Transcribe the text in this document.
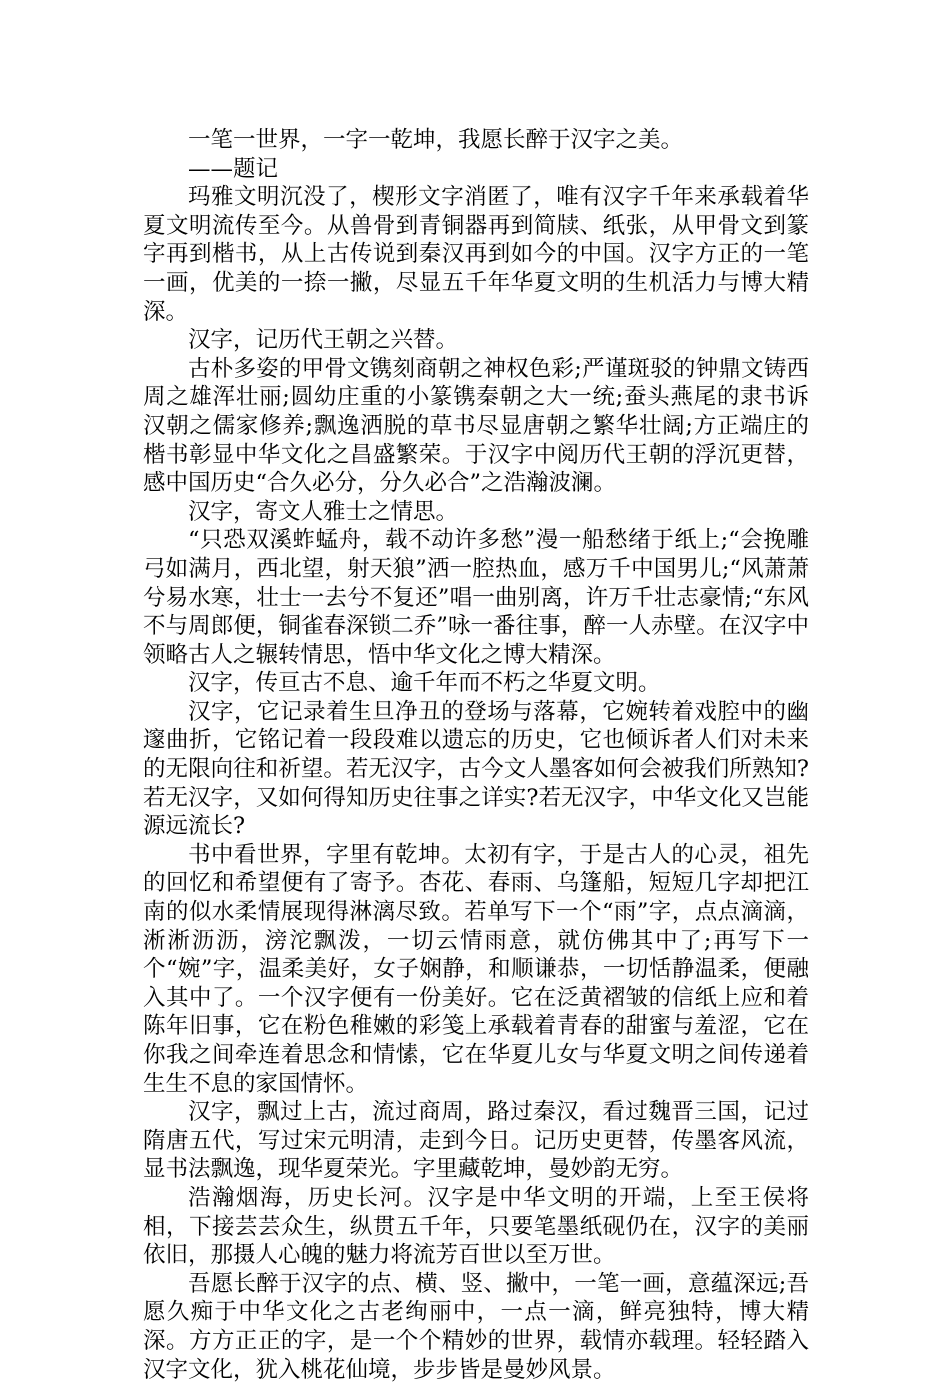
一笔一世界，一字一乾坤，我愿长醉于汉字之美。

——题记

玛雅文明沉没了，楔形文字消匿了，唯有汉字千年来承载着华夏文明流传至今。从兽骨到青铜器再到简牍、纸张，从甲骨文到篆字再到楷书，从上古传说到秦汉再到如今的中国。汉字方正的一笔一画，优美的一捺一撇，尽显五千年华夏文明的生机活力与博大精深。

汉字，记历代王朝之兴替。

古朴多姿的甲骨文镌刻商朝之神权色彩;严谨斑驳的钟鼎文铸西周之雄浑壮丽;圆幼庄重的小篆镌秦朝之大一统;蚕头燕尾的隶书诉汉朝之儒家修养;飘逸洒脱的草书尽显唐朝之繁华壮阔;方正端庄的楷书彰显中华文化之昌盛繁荣。于汉字中阅历代王朝的浮沉更替，感中国历史“合久必分，分久必合”之浩瀚波澜。

汉字，寄文人雅士之情思。

“只恐双溪蚱蜢舟，载不动许多愁”漫一船愁绪于纸上;“会挽雕弓如满月，西北望，射天狼”洒一腔热血，感万千中国男儿;“风萧萧兮易水寒，壮士一去兮不复还”唱一曲别离，许万千壮志豪情;“东风不与周郎便，铜雀春深锁二乔”咏一番往事，醉一人赤壁。在汉字中领略古人之辗转情思，悟中华文化之博大精深。

汉字，传亘古不息、逾千年而不朽之华夏文明。

汉字，它记录着生旦净丑的登场与落幕，它婉转着戏腔中的幽邃曲折，它铭记着一段段难以遗忘的历史，它也倾诉者人们对未来的无限向往和祈望。若无汉字，古今文人墨客如何会被我们所熟知?若无汉字，又如何得知历史往事之详实?若无汉字，中华文化又岂能源远流长?

书中看世界，字里有乾坤。太初有字，于是古人的心灵，祖先的回忆和希望便有了寄予。杏花、春雨、乌篷船，短短几字却把江南的似水柔情展现得淋漓尽致。若单写下一个“雨”字，点点滴滴，淅淅沥沥，滂沱飘泼，一切云情雨意，就仿佛其中了;再写下一个“婉”字，温柔美好，女子娴静，和顺谦恭，一切恬静温柔，便融入其中了。一个汉字便有一份美好。它在泛黄褶皱的信纸上应和着陈年旧事，它在粉色稚嫩的彩笺上承载着青春的甜蜜与羞涩，它在你我之间牵连着思念和情愫，它在华夏儿女与华夏文明之间传递着生生不息的家国情怀。

汉字，飘过上古，流过商周，路过秦汉，看过魏晋三国，记过隋唐五代，写过宋元明清，走到今日。记历史更替，传墨客风流，显书法飘逸，现华夏荣光。字里藏乾坤，曼妙韵无穷。

浩瀚烟海，历史长河。汉字是中华文明的开端，上至王侯将相，下接芸芸众生，纵贯五千年，只要笔墨纸砚仍在，汉字的美丽依旧，那摄人心魄的魅力将流芳百世以至万世。

吾愿长醉于汉字的点、横、竖、撇中，一笔一画，意蕴深远;吾愿久痴于中华文化之古老绚丽中，一点一滴，鲜亮独特，博大精深。方方正正的字，是一个个精妙的世界，载情亦载理。轻轻踏入汉字文化，犹入桃花仙境，步步皆是曼妙风景。
